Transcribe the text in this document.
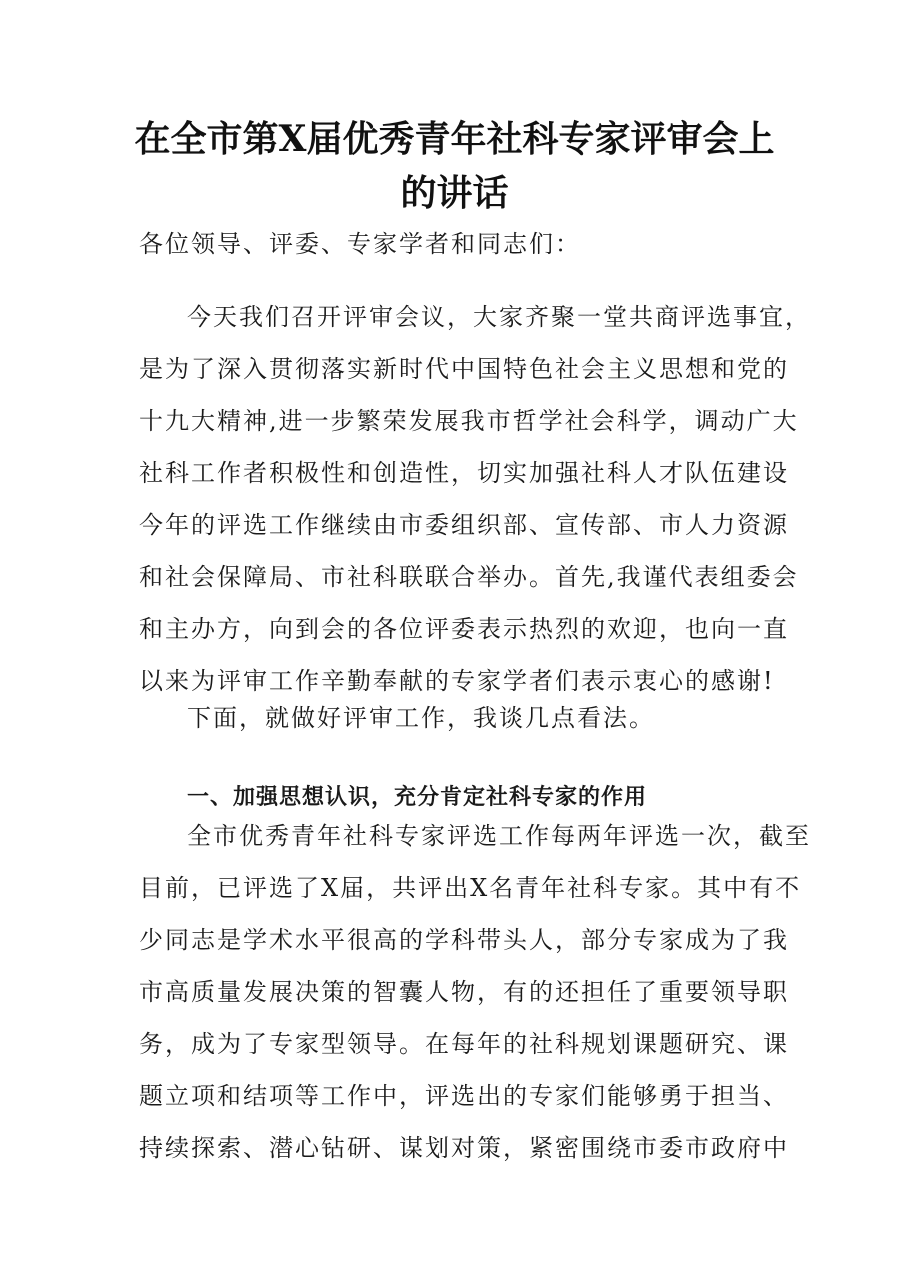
在全市第X届优秀青年社科专家评审会上
的讲话

各位领导、评委、专家学者和同志们：

今天我们召开评审会议，大家齐聚一堂共商评选事宜，
是为了深入贯彻落实新时代中国特色社会主义思想和党的
十九大精神,进一步繁荣发展我市哲学社会科学，调动广大
社科工作者积极性和创造性，切实加强社科人才队伍建设
今年的评选工作继续由市委组织部、宣传部、市人力资源
和社会保障局、市社科联联合举办。首先,我谨代表组委会
和主办方，向到会的各位评委表示热烈的欢迎，也向一直
以来为评审工作辛勤奉献的专家学者们表示衷心的感谢!

下面，就做好评审工作，我谈几点看法。

一、加强思想认识，充分肯定社科专家的作用

全市优秀青年社科专家评选工作每两年评选一次，截至
目前，已评选了X届，共评出X名青年社科专家。其中有不
少同志是学术水平很高的学科带头人，部分专家成为了我
市高质量发展决策的智囊人物，有的还担任了重要领导职
务，成为了专家型领导。在每年的社科规划课题研究、课
题立项和结项等工作中，评选出的专家们能够勇于担当、
持续探索、潜心钻研、谋划对策，紧密围绕市委市政府中
